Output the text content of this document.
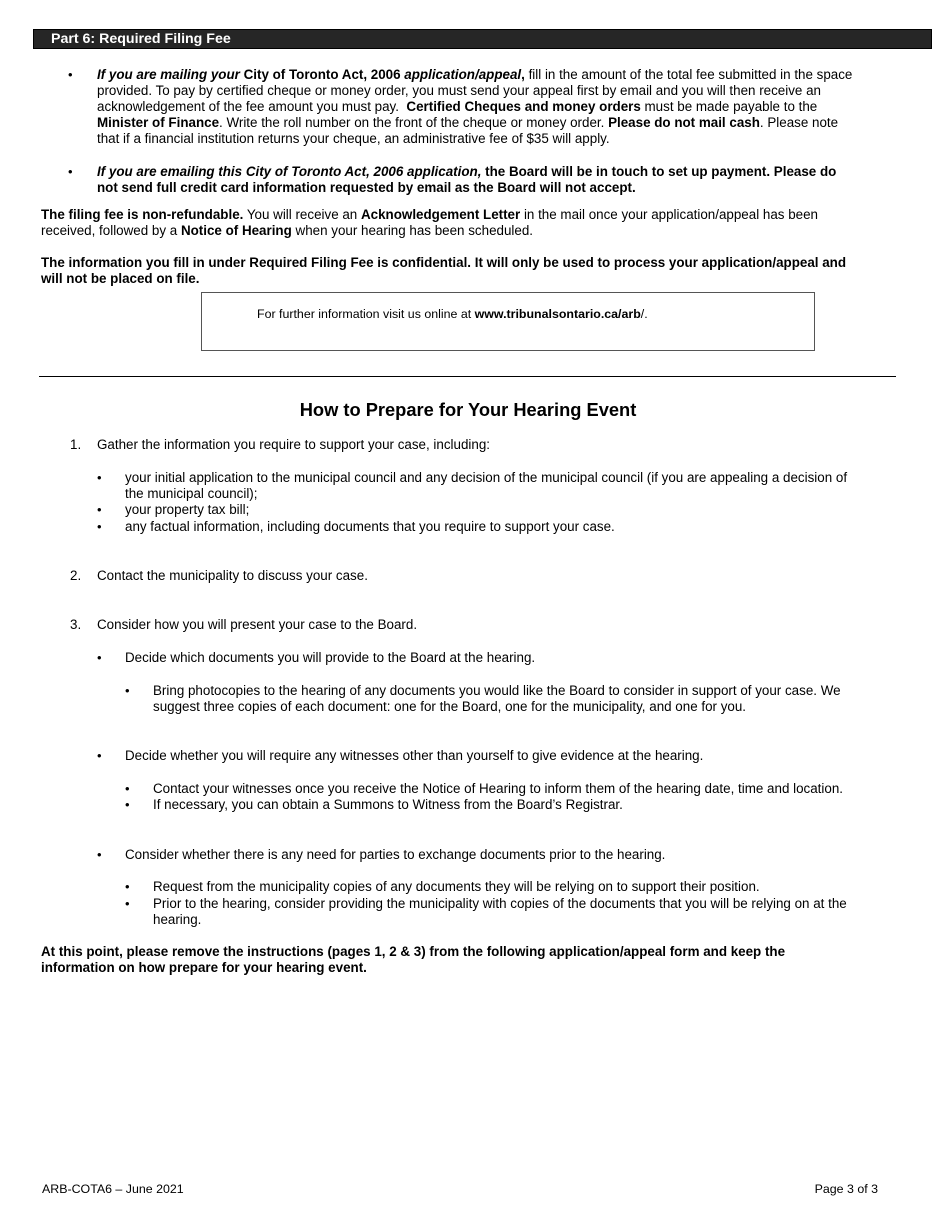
Part 6: Required Filing Fee
• If you are mailing your City of Toronto Act, 2006 application/appeal, fill in the amount of the total fee submitted in the space
provided. To pay by certified cheque or money order, you must send your appeal first by email and you will then receive an
acknowledgement of the fee amount you must pay. Certified Cheques and money orders must be made payable to the
Minister of Finance. Write the roll number on the front of the cheque or money order. Please do not mail cash. Please note
that if a financial institution returns your cheque, an administrative fee of $35 will apply.
• If you are emailing this City of Toronto Act, 2006 application, the Board will be in touch to set up payment. Please do
not send full credit card information requested by email as the Board will not accept.
The filing fee is non-refundable. You will receive an Acknowledgement Letter in the mail once your application/appeal has been
received, followed by a Notice of Hearing when your hearing has been scheduled.
The information you fill in under Required Filing Fee is confidential. It will only be used to process your application/appeal and
will not be placed on file.
For further information visit us online at www.tribunalsontario.ca/arb/.
How to Prepare for Your Hearing Event
1. Gather the information you require to support your case, including:
• your initial application to the municipal council and any decision of the municipal council (if you are appealing a decision of
the municipal council);
• your property tax bill;
• any factual information, including documents that you require to support your case.
2. Contact the municipality to discuss your case.
3. Consider how you will present your case to the Board.
• Decide which documents you will provide to the Board at the hearing.
• Bring photocopies to the hearing of any documents you would like the Board to consider in support of your case. We
suggest three copies of each document: one for the Board, one for the municipality, and one for you.
• Decide whether you will require any witnesses other than yourself to give evidence at the hearing.
• Contact your witnesses once you receive the Notice of Hearing to inform them of the hearing date, time and location.
• If necessary, you can obtain a Summons to Witness from the Board’s Registrar.
• Consider whether there is any need for parties to exchange documents prior to the hearing.
• Request from the municipality copies of any documents they will be relying on to support their position.
• Prior to the hearing, consider providing the municipality with copies of the documents that you will be relying on at the
hearing.
At this point, please remove the instructions (pages 1, 2 & 3) from the following application/appeal form and keep the
information on how prepare for your hearing event.
ARB-COTA6 – June 2021	Page 3 of 3
